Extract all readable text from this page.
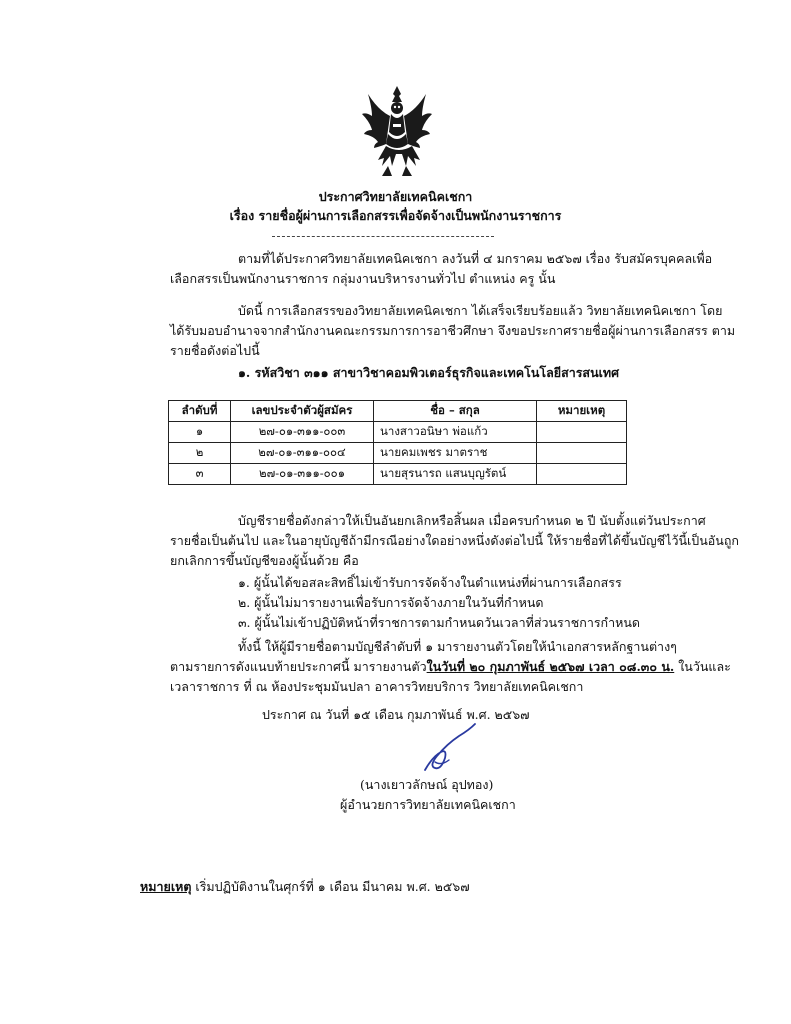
ประกาศวิทยาลัยเทคนิคเชกา
เรื่อง รายชื่อผู้ผ่านการเลือกสรรเพื่อจัดจ้างเป็นพนักงานราชการ
ตามที่ได้ประกาศวิทยาลัยเทคนิคเชกา ลงวันที่ ๔ มกราคม ๒๕๖๗ เรื่อง รับสมัครบุคคลเพื่อ
เลือกสรรเป็นพนักงานราชการ กลุ่มงานบริหารงานทั่วไป ตำแหน่ง ครู นั้น
บัดนี้ การเลือกสรรของวิทยาลัยเทคนิคเชกา ได้เสร็จเรียบร้อยแล้ว วิทยาลัยเทคนิคเชกา โดย
ได้รับมอบอำนาจจากสำนักงานคณะกรรมการการอาชีวศึกษา จึงขอประกาศรายชื่อผู้ผ่านการเลือกสรร ตาม
รายชื่อดังต่อไปนี้
๑. รหัสวิชา ๓๑๑ สาขาวิชาคอมพิวเตอร์ธุรกิจและเทคโนโลยีสารสนเทศ
ลำดับที่	เลขประจำตัวผู้สมัคร	ชื่อ – สกุล	หมายเหตุ
๑	๒๗-๐๑-๓๑๑-๐๐๓	นางสาวอนิษา พ่อแก้ว	
๒	๒๗-๐๑-๓๑๑-๐๐๔	นายคมเพชร มาตราช	
๓	๒๗-๐๑-๓๑๑-๐๐๑	นายสุรนารถ แสนบุญรัตน์	
บัญชีรายชื่อดังกล่าวให้เป็นอันยกเลิกหรือสิ้นผล เมื่อครบกำหนด ๒ ปี นับตั้งแต่วันประกาศ
รายชื่อเป็นต้นไป และในอายุบัญชีถ้ามีกรณีอย่างใดอย่างหนึ่งดังต่อไปนี้ ให้รายชื่อที่ได้ขึ้นบัญชีไว้นี้เป็นอันถูก
ยกเลิกการขึ้นบัญชีของผู้นั้นด้วย คือ
๑. ผู้นั้นได้ขอสละสิทธิ์ไม่เข้ารับการจัดจ้างในตำแหน่งที่ผ่านการเลือกสรร
๒. ผู้นั้นไม่มารายงานเพื่อรับการจัดจ้างภายในวันที่กำหนด
๓. ผู้นั้นไม่เข้าปฏิบัติหน้าที่ราชการตามกำหนดวันเวลาที่ส่วนราชการกำหนด
ทั้งนี้ ให้ผู้มีรายชื่อตามบัญชีลำดับที่ ๑ มารายงานตัวโดยให้นำเอกสารหลักฐานต่างๆ
ตามรายการดังแนบท้ายประกาศนี้ มารายงานตัวในวันที่ ๒๐ กุมภาพันธ์ ๒๕๖๗ เวลา ๐๘.๓๐ น. ในวันและ
เวลาราชการ ที่ ณ ห้องประชุมมันปลา อาคารวิทยบริการ วิทยาลัยเทคนิคเชกา
ประกาศ ณ วันที่ ๑๕ เดือน กุมภาพันธ์ พ.ศ. ๒๕๖๗
(นางเยาวลักษณ์ อุปทอง)
ผู้อำนวยการวิทยาลัยเทคนิคเชกา
หมายเหตุ เริ่มปฏิบัติงานในศุกร์ที่ ๑ เดือน มีนาคม พ.ศ. ๒๕๖๗
